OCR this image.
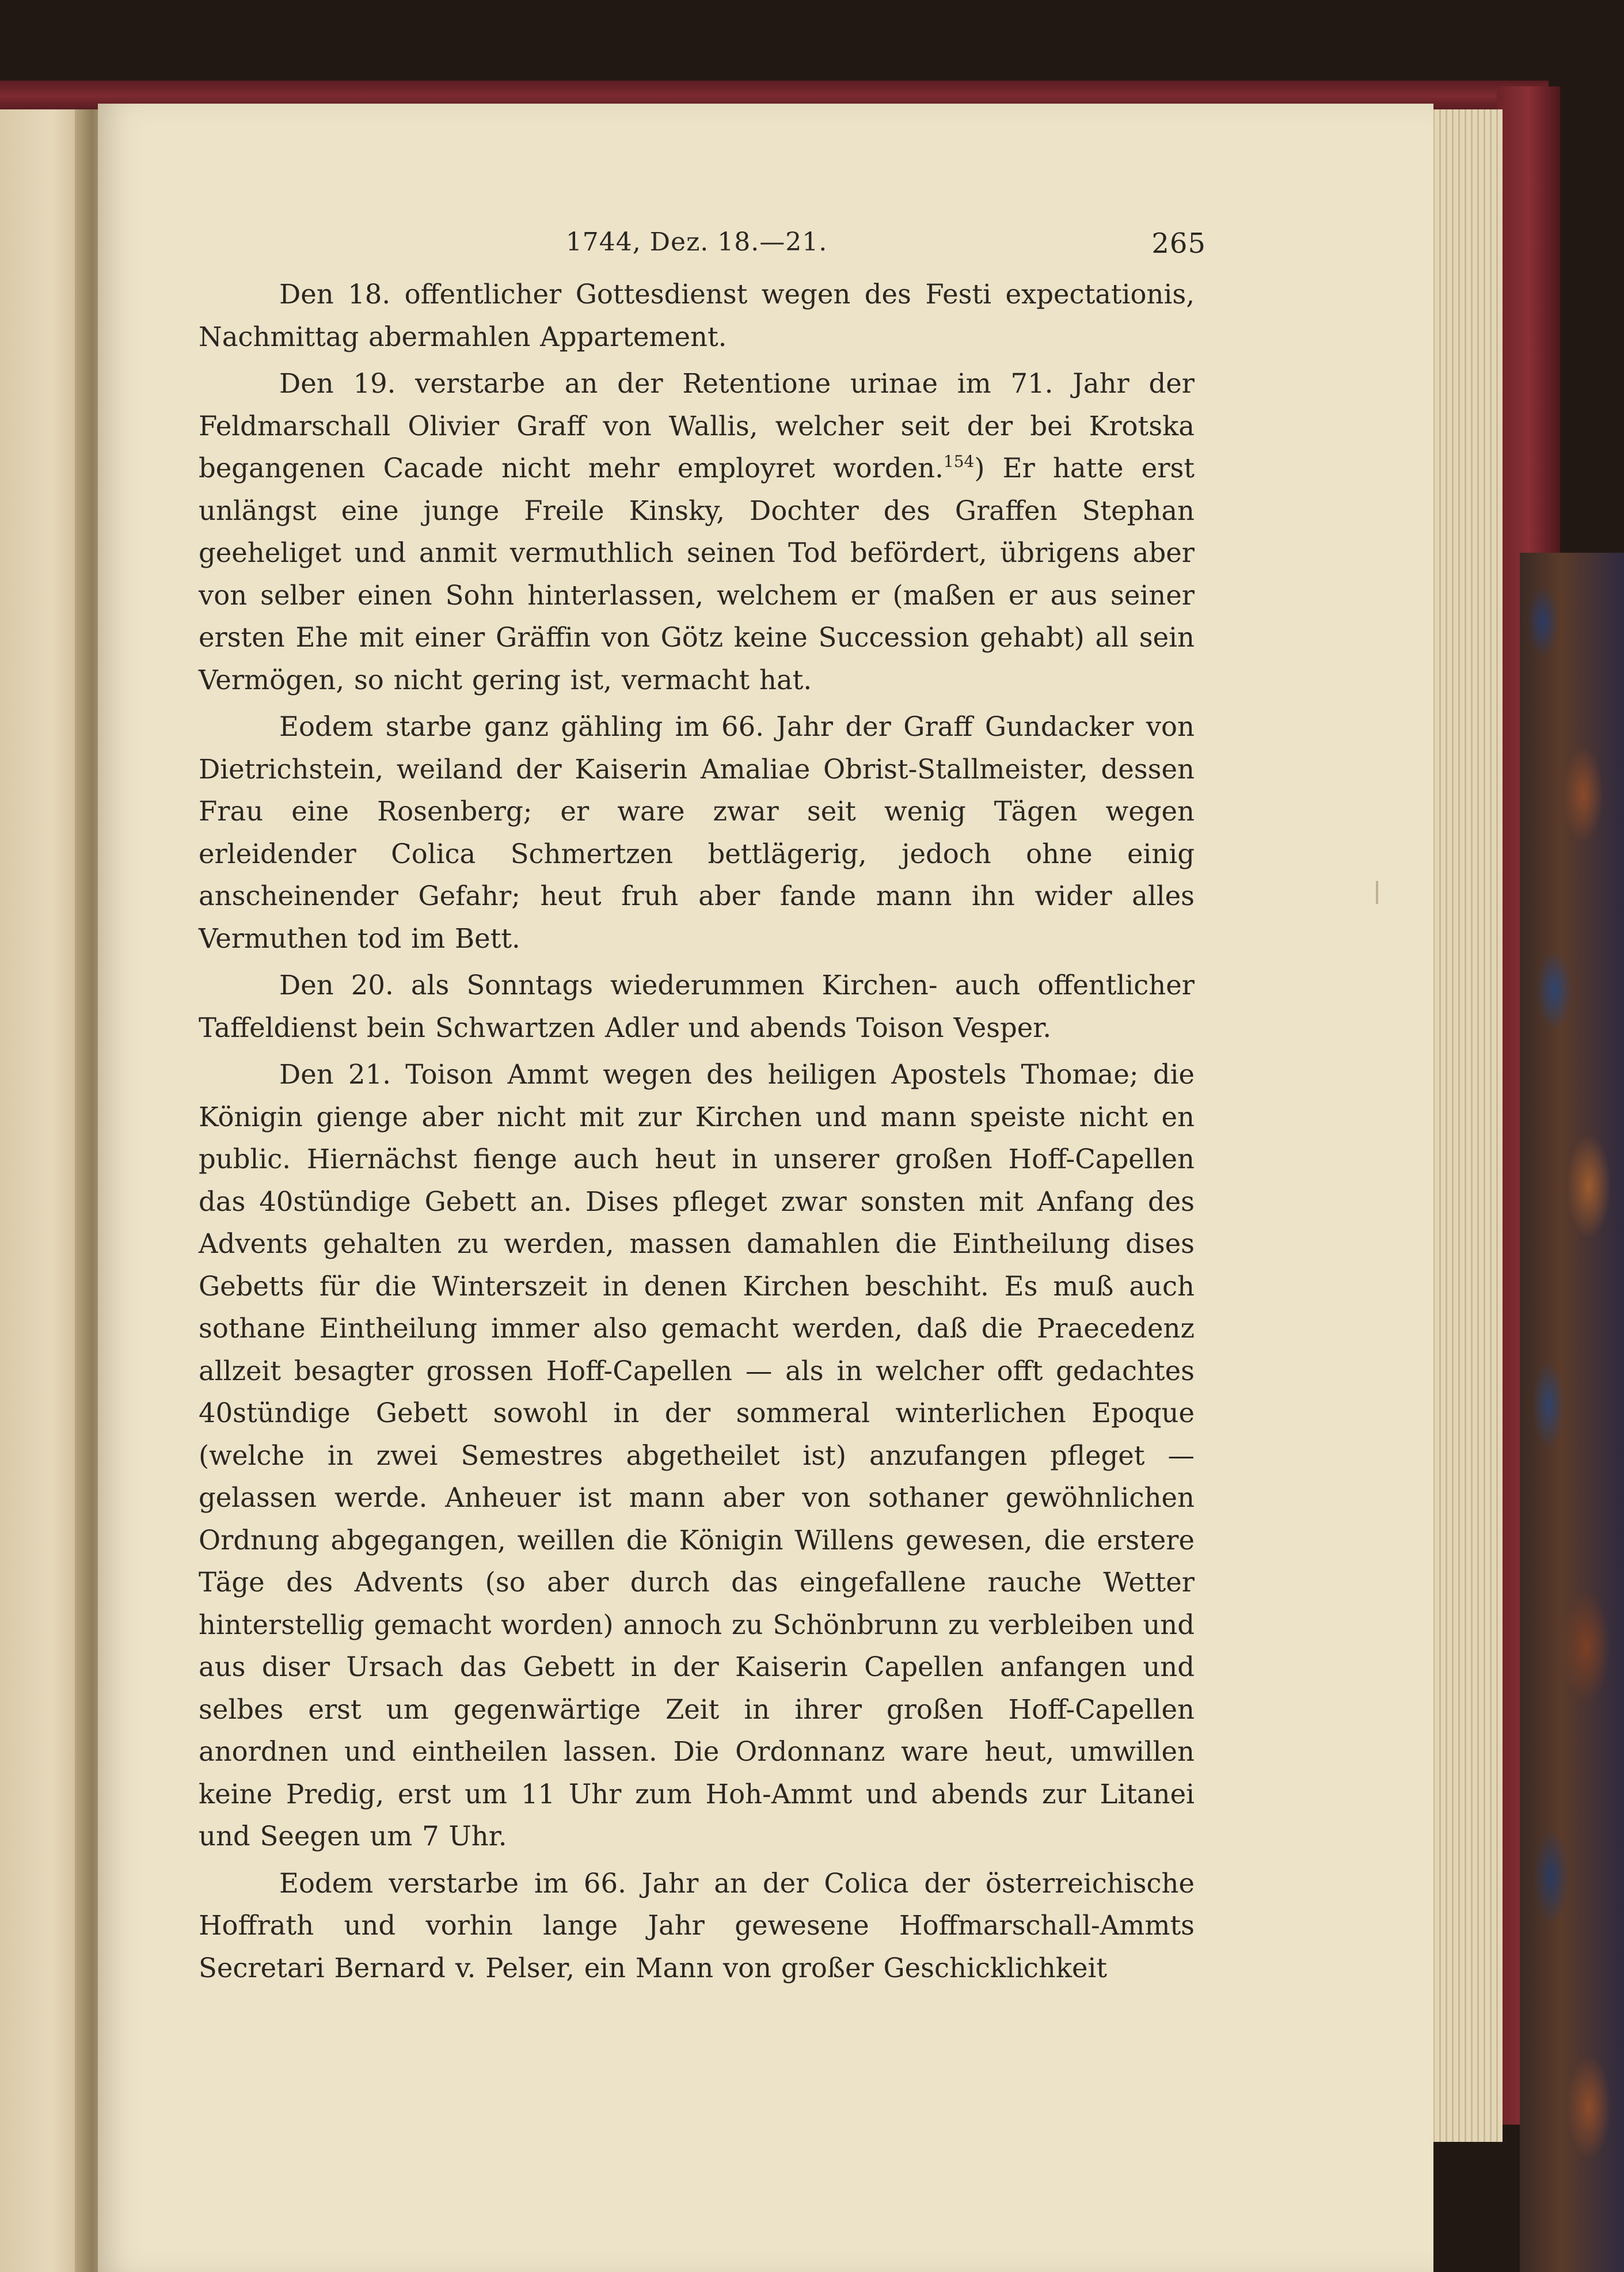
1744, Dez. 18.—21.	265

Den 18. offentlicher Gottesdienst wegen des Festi expectationis, Nachmittag abermahlen Appartement.

Den 19. verstarbe an der Retentione urinae im 71. Jahr der Feldmarschall Olivier Graff von Wallis, welcher seit der bei Krotska begangenen Cacade nicht mehr employret worden.$^{154}$) Er hatte erst unlängst eine junge Freile Kinsky, Dochter des Graffen Stephan geeheliget und anmit vermuthlich seinen Tod befördert, übrigens aber von selber einen Sohn hinterlassen, welchem er (maßen er aus seiner ersten Ehe mit einer Gräffin von Götz keine Succession gehabt) all sein Vermögen, so nicht gering ist, vermacht hat.

Eodem starbe ganz gähling im 66. Jahr der Graff Gundacker von Dietrichstein, weiland der Kaiserin Amaliae Obrist-Stallmeister, dessen Frau eine Rosenberg; er ware zwar seit wenig Tägen wegen erleidender Colica Schmertzen bettlägerig, jedoch ohne einig anscheinender Gefahr; heut fruh aber fande mann ihn wider alles Vermuthen tod im Bett.

Den 20. als Sonntags wiederummen Kirchen- auch offentlicher Taffeldienst bein Schwartzen Adler und abends Toison Vesper.

Den 21. Toison Ammt wegen des heiligen Apostels Thomae; die Königin gienge aber nicht mit zur Kirchen und mann speiste nicht en public. Hiernächst fienge auch heut in unserer großen Hoff-Capellen das 40stündige Gebett an. Dises pfleget zwar sonsten mit Anfang des Advents gehalten zu werden, massen damahlen die Eintheilung dises Gebetts für die Winterszeit in denen Kirchen beschiht. Es muß auch sothane Eintheilung immer also gemacht werden, daß die Praecedenz allzeit besagter grossen Hoff-Capellen — als in welcher offt gedachtes 40stündige Gebett sowohl in der sommeral winterlichen Epoque (welche in zwei Semestres abgetheilet ist) anzufangen pfleget — gelassen werde. Anheuer ist mann aber von sothaner gewöhnlichen Ordnung abgegangen, weillen die Königin Willens gewesen, die erstere Täge des Advents (so aber durch das eingefallene rauche Wetter hinterstellig gemacht worden) annoch zu Schönbrunn zu verbleiben und aus diser Ursach das Gebett in der Kaiserin Capellen anfangen und selbes erst um gegenwärtige Zeit in ihrer großen Hoff-Capellen anordnen und eintheilen lassen. Die Ordonnanz ware heut, umwillen keine Predig, erst um 11 Uhr zum Hoh-Ammt und abends zur Litanei und Seegen um 7 Uhr.

Eodem verstarbe im 66. Jahr an der Colica der österreichische Hoffrath und vorhin lange Jahr gewesene Hoffmarschall-Ammts Secretari Bernard v. Pelser, ein Mann von großer Geschicklichkeit
